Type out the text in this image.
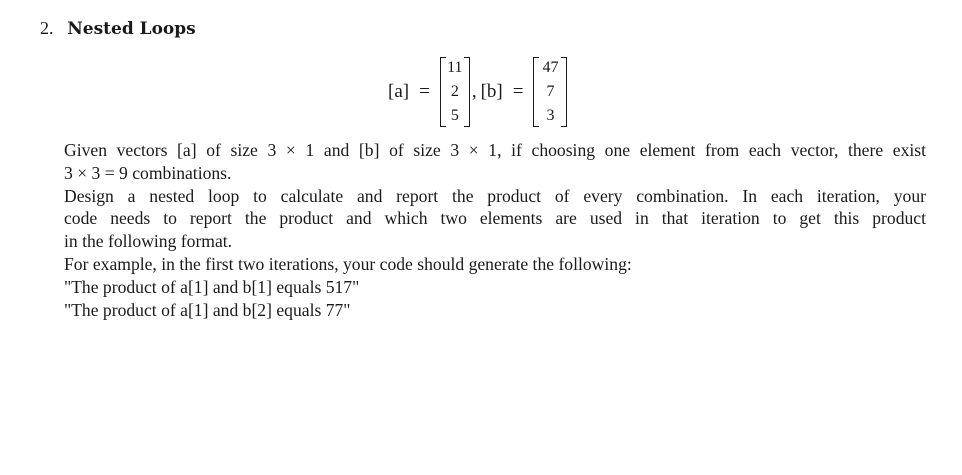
2. Nested Loops
[a] =
11
2
5
, [b] =
47
7
3
Given vectors [a] of size 3 × 1 and [b] of size 3 × 1, if choosing one element from each vector, there exist
3 × 3 = 9 combinations.
Design a nested loop to calculate and report the product of every combination. In each iteration, your
code needs to report the product and which two elements are used in that iteration to get this product
in the following format.
For example, in the first two iterations, your code should generate the following:
"The product of a[1] and b[1] equals 517"
"The product of a[1] and b[2] equals 77"
